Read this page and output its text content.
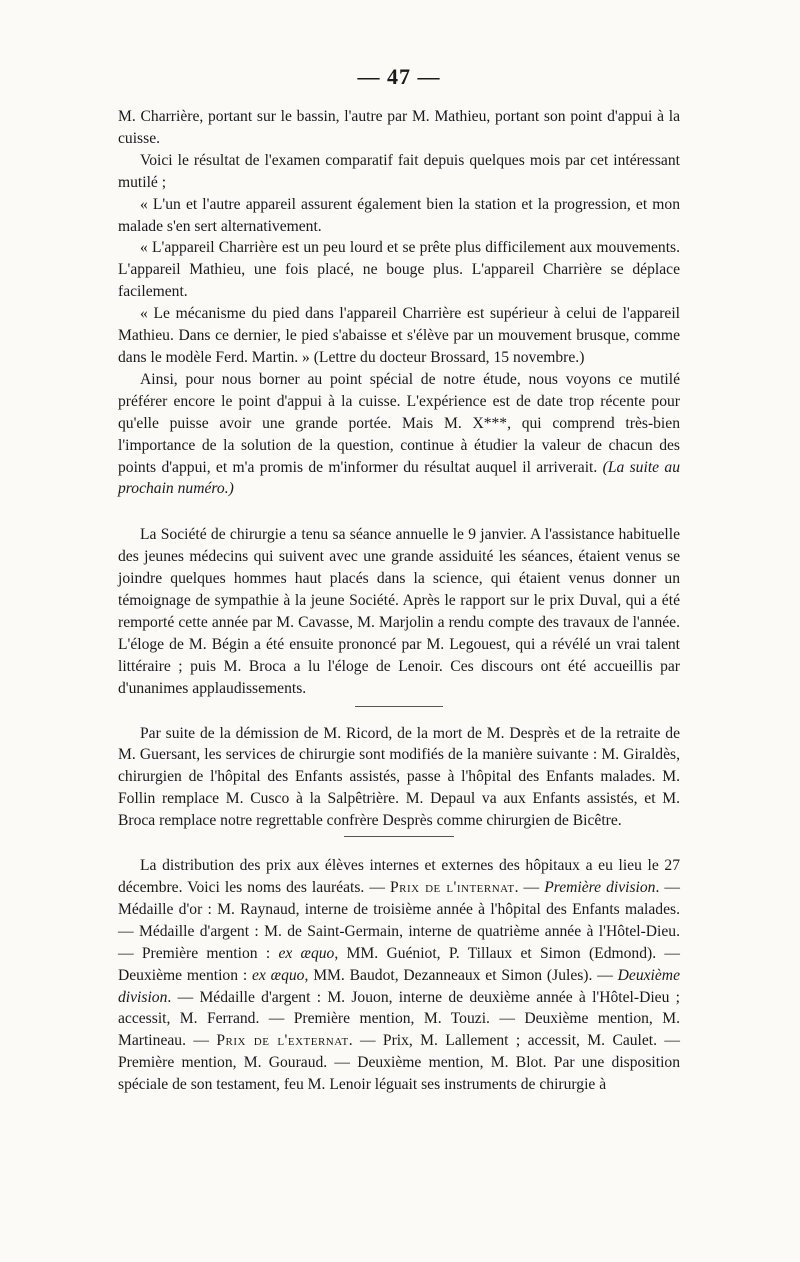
— 47 —

M. Charrière, portant sur le bassin, l'autre par M. Mathieu, portant son point d'appui à la cuisse.

Voici le résultat de l'examen comparatif fait depuis quelques mois par cet intéressant mutilé ;

« L'un et l'autre appareil assurent également bien la station et la progression, et mon malade s'en sert alternativement.

« L'appareil Charrière est un peu lourd et se prête plus difficilement aux mouvements. L'appareil Mathieu, une fois placé, ne bouge plus. L'appareil Charrière se déplace facilement.

« Le mécanisme du pied dans l'appareil Charrière est supérieur à celui de l'appareil Mathieu. Dans ce dernier, le pied s'abaisse et s'élève par un mouvement brusque, comme dans le modèle Ferd. Martin. » (Lettre du docteur Brossard, 15 novembre.)

Ainsi, pour nous borner au point spécial de notre étude, nous voyons ce mutilé préférer encore le point d'appui à la cuisse. L'expérience est de date trop récente pour qu'elle puisse avoir une grande portée. Mais M. X***, qui comprend très-bien l'importance de la solution de la question, continue à étudier la valeur de chacun des points d'appui, et m'a promis de m'informer du résultat auquel il arriverait. (La suite au prochain numéro.)

La Société de chirurgie a tenu sa séance annuelle le 9 janvier. A l'assistance habituelle des jeunes médecins qui suivent avec une grande assiduité les séances, étaient venus se joindre quelques hommes haut placés dans la science, qui étaient venus donner un témoignage de sympathie à la jeune Société. Après le rapport sur le prix Duval, qui a été remporté cette année par M. Cavasse, M. Marjolin a rendu compte des travaux de l'année. L'éloge de M. Bégin a été ensuite prononcé par M. Legouest, qui a révélé un vrai talent littéraire ; puis M. Broca a lu l'éloge de Lenoir. Ces discours ont été accueillis par d'unanimes applaudissements.

Par suite de la démission de M. Ricord, de la mort de M. Desprès et de la retraite de M. Guersant, les services de chirurgie sont modifiés de la manière suivante : M. Giraldès, chirurgien de l'hôpital des Enfants assistés, passe à l'hôpital des Enfants malades. M. Follin remplace M. Cusco à la Salpêtrière. M. Depaul va aux Enfants assistés, et M. Broca remplace notre regrettable confrère Desprès comme chirurgien de Bicêtre.

La distribution des prix aux élèves internes et externes des hôpitaux a eu lieu le 27 décembre. Voici les noms des lauréats. — Prix de l'internat. — Première division. — Médaille d'or : M. Raynaud, interne de troisième année à l'hôpital des Enfants malades. — Médaille d'argent : M. de Saint-Germain, interne de quatrième année à l'Hôtel-Dieu. — Première mention : ex æquo, MM. Guéniot, P. Tillaux et Simon (Edmond). — Deuxième mention : ex æquo, MM. Baudot, Dezanneaux et Simon (Jules). — Deuxième division. — Médaille d'argent : M. Jouon, interne de deuxième année à l'Hôtel-Dieu ; accessit, M. Ferrand. — Première mention, M. Touzi. — Deuxième mention, M. Martineau. — Prix de l'externat. — Prix, M. Lallement ; accessit, M. Caulet. — Première mention, M. Gouraud. — Deuxième mention, M. Blot. Par une disposition spéciale de son testament, feu M. Lenoir léguait ses instruments de chirurgie à
